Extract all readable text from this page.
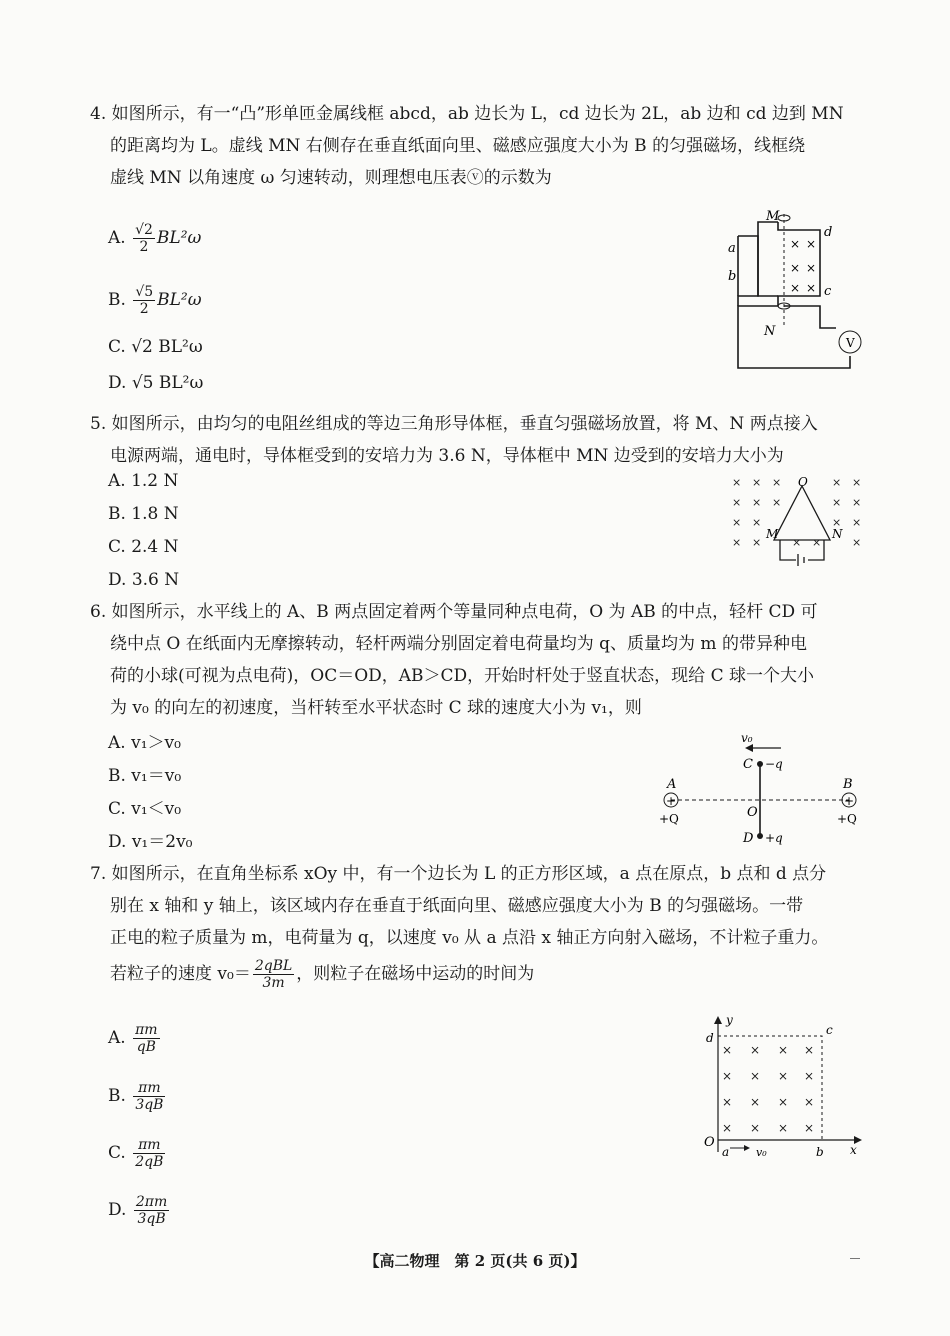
4. 如图所示，有一“凸”形单匝金属线框 abcd，ab 边长为 L，cd 边长为 2L，ab 边和 cd 边到 MN

的距离均为 L。虚线 MN 右侧存在垂直纸面向里、磁感应强度大小为 B 的匀强磁场，线框绕

虚线 MN 以角速度 ω 匀速转动，则理想电压表ⓥ的示数为

A. $\frac{√2}{2} BL^2\omega$
B. $\frac{√5}{2} BL^2\omega$
C. √2 BL²ω
D. √5 BL²ω
V
M
N
a
b
c
d
× ×
× ×
× ×

5. 如图所示，由均匀的电阻丝组成的等边三角形导体框，垂直匀强磁场放置，将 M、N 两点接入

电源两端，通电时，导体框受到的安培力为 3.6 N，导体框中 MN 边受到的安培力大小为

A. 1.2 N
B. 1.8 N
C. 2.4 N
D. 3.6 N
× × ×	× ×
× × ×	× ×
× ×	× ×
× ×	× ×	×
O
M	N

6. 如图所示，水平线上的 A、B 两点固定着两个等量同种点电荷，O 为 AB 的中点，轻杆 CD 可

绕中点 O 在纸面内无摩擦转动，轻杆两端分别固定着电荷量均为 q、质量均为 m 的带异种电

荷的小球(可视为点电荷)，OC＝OD，AB＞CD，开始时杆处于竖直状态，现给 C 球一个大小

为 v₀ 的向左的初速度，当杆转至水平状态时 C 球的速度大小为 v₁，则

A. v₁＞v₀
B. v₁＝v₀
C. v₁＜v₀
D. v₁＝2v₀
v₀
+	+
C −q
A	B
O
+Q	+Q
D +q

7. 如图所示，在直角坐标系 xOy 中，有一个边长为 L 的正方形区域，a 点在原点，b 点和 d 点分

别在 x 轴和 y 轴上，该区域内存在垂直于纸面向里、磁感应强度大小为 B 的匀强磁场。一带

正电的粒子质量为 m，电荷量为 q，以速度 v₀ 从 a 点沿 x 轴正方向射入磁场，不计粒子重力。

若粒子的速度 $v_0= \frac{\text{2qBL}}{3m}$ ，则粒子在磁场中运动的时间为

A. $\frac{\pi m}{qB}$
B. $\frac{\pi m}{3qB}$
C. $\frac{\pi m}{2qB}$
D. $\frac{2\pi m}{3qB}$
× × × ×
× × × ×
× × × ×
× × × ×
y
x
O
a v₀	b
c
d
【高二物理　第 2 页(共 6 页)】
